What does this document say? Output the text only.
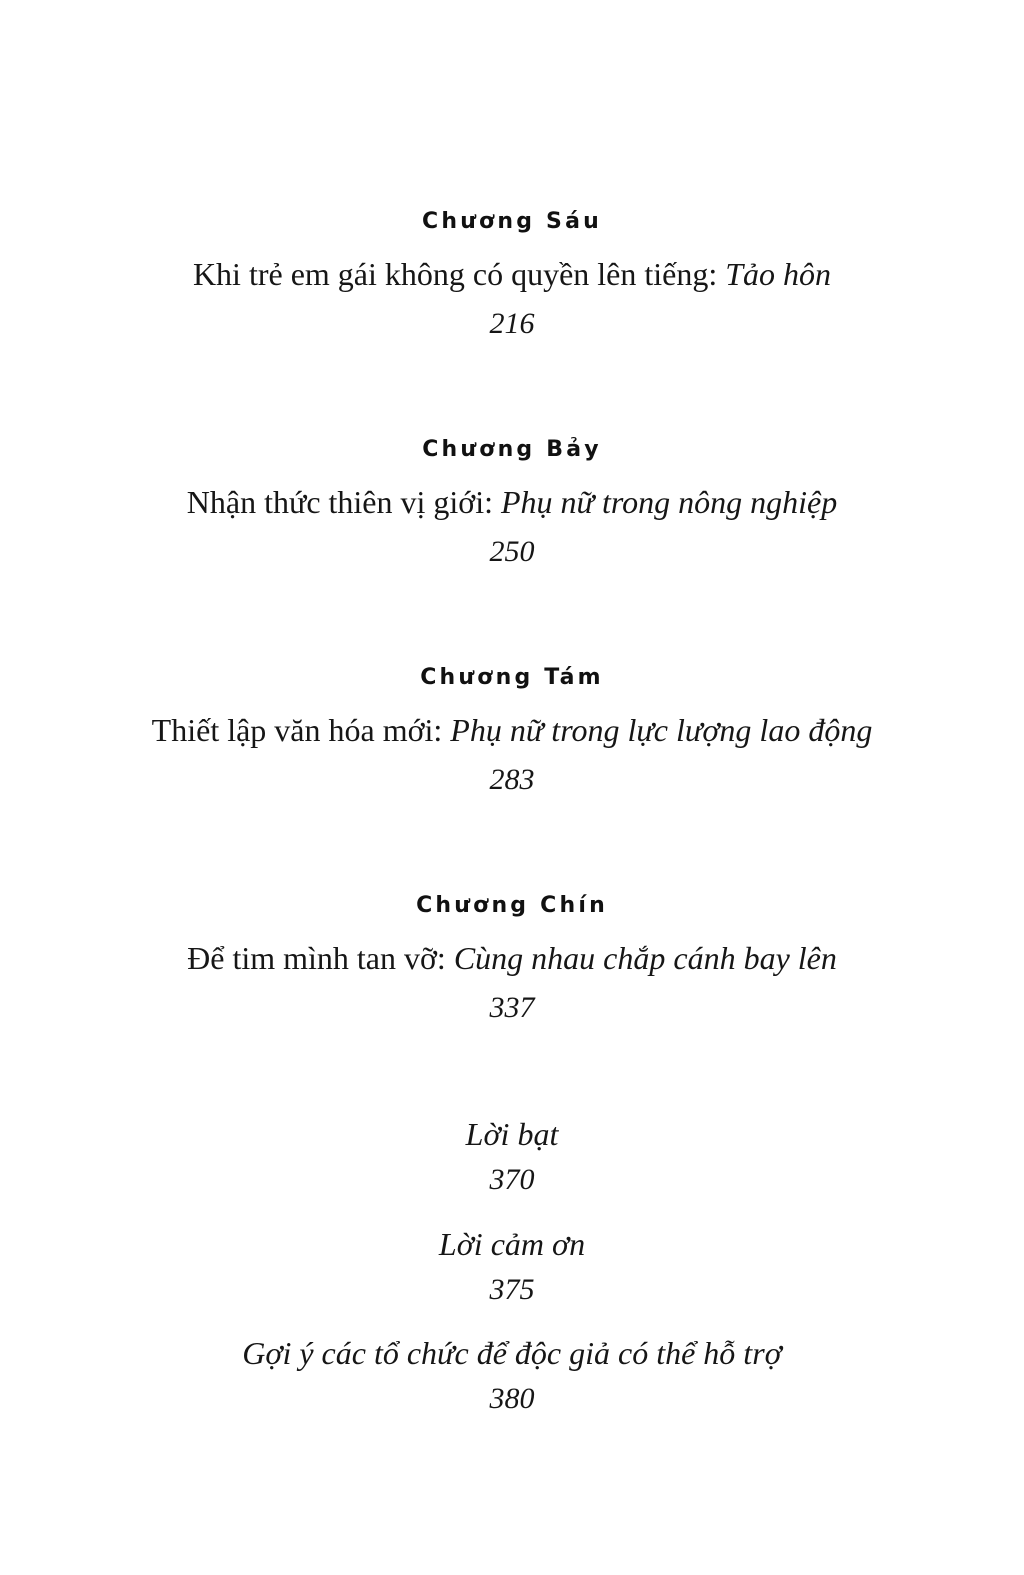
Chương Sáu
Khi trẻ em gái không có quyền lên tiếng: Tảo hôn
216
Chương Bảy
Nhận thức thiên vị giới: Phụ nữ trong nông nghiệp
250
Chương Tám
Thiết lập văn hóa mới: Phụ nữ trong lực lượng lao động
283
Chương Chín
Để tim mình tan vỡ: Cùng nhau chắp cánh bay lên
337
Lời bạt
370
Lời cảm ơn
375
Gợi ý các tổ chức để độc giả có thể hỗ trợ
380
